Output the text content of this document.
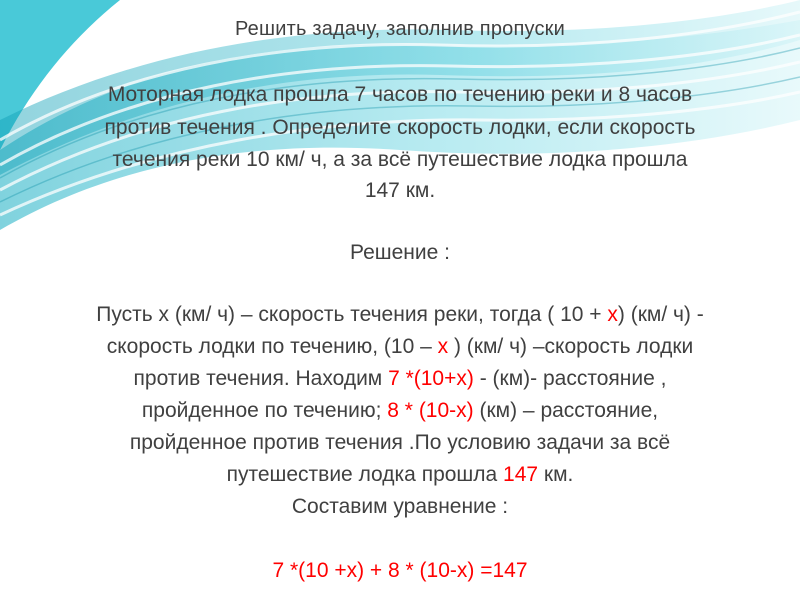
Решить задачу, заполнив пропуски
Моторная лодка прошла 7 часов по течению реки и 8 часов
против течения . Определите скорость лодки, если скорость
течения реки 10 км/ ч, а за всё путешествие лодка прошла
147 км.
Решение :
Пусть х (км/ ч) – скорость течения реки, тогда ( 10 + х) (км/ ч) -
скорость лодки по течению, (10 – х ) (км/ ч) –скорость лодки
против течения. Находим 7 *(10+х) - (км)- расстояние ,
пройденное по течению; 8 * (10-х) (км) – расстояние,
пройденное против течения .По условию задачи за всё
путешествие лодка прошла 147 км.
Составим уравнение :
7 *(10 +х) + 8 * (10-х) =147
